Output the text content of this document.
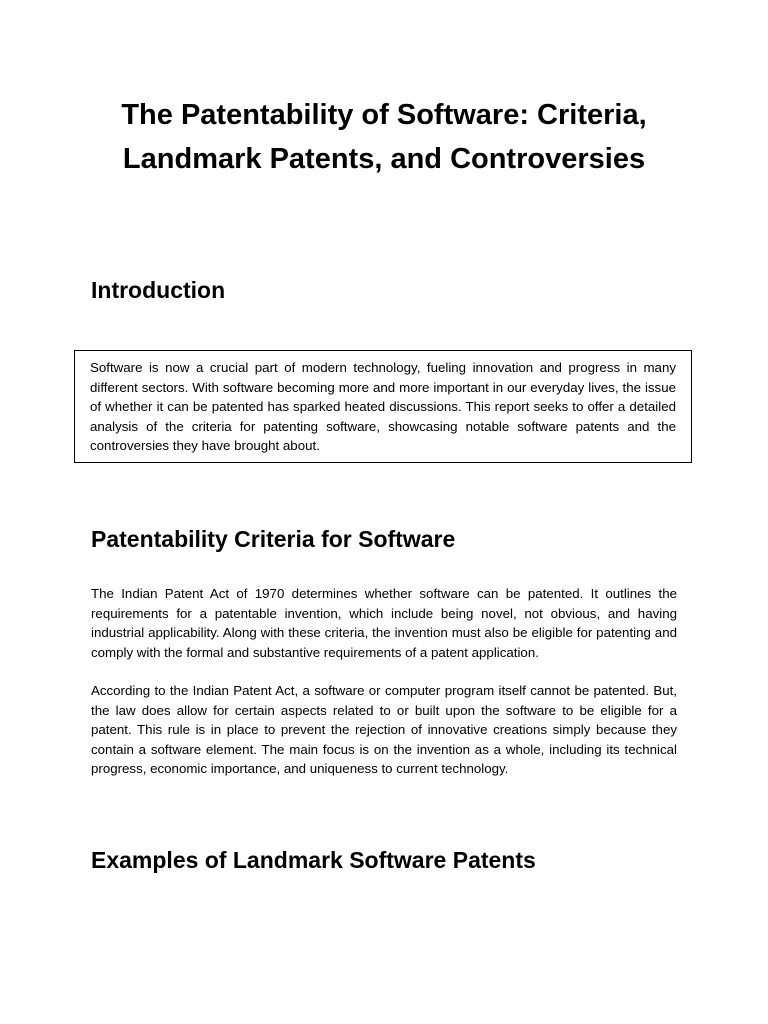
The Patentability of Software: Criteria, Landmark Patents, and Controversies
Introduction

Software is now a crucial part of modern technology, fueling innovation and progress in many different sectors. With software becoming more and more important in our everyday lives, the issue of whether it can be patented has sparked heated discussions. This report seeks to offer a detailed analysis of the criteria for patenting software, showcasing notable software patents and the controversies they have brought about.

Patentability Criteria for Software

The Indian Patent Act of 1970 determines whether software can be patented. It outlines the requirements for a patentable invention, which include being novel, not obvious, and having industrial applicability. Along with these criteria, the invention must also be eligible for patenting and comply with the formal and substantive requirements of a patent application.

According to the Indian Patent Act, a software or computer program itself cannot be patented. But, the law does allow for certain aspects related to or built upon the software to be eligible for a patent. This rule is in place to prevent the rejection of innovative creations simply because they contain a software element. The main focus is on the invention as a whole, including its technical progress, economic importance, and uniqueness to current technology.

Examples of Landmark Software Patents
